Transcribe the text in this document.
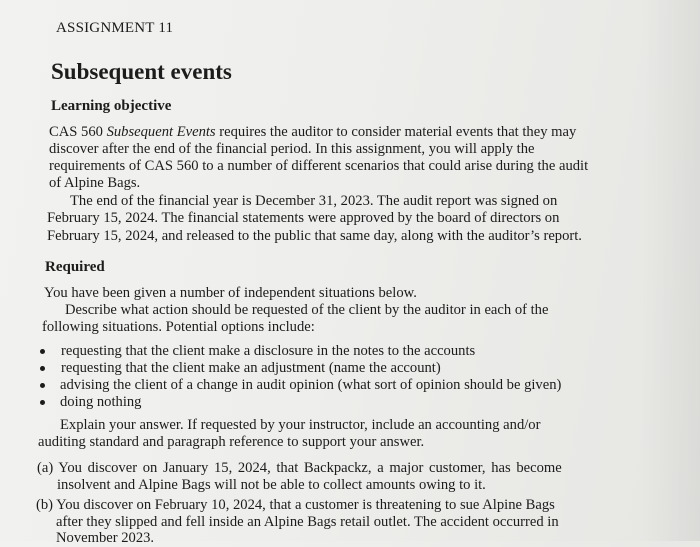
ASSIGNMENT 11

Subsequent events

Learning objective

CAS 560 Subsequent Events requires the auditor to consider material events that they may

discover after the end of the financial period. In this assignment, you will apply the

requirements of CAS 560 to a number of different scenarios that could arise during the audit

of Alpine Bags.

The end of the financial year is December 31, 2023. The audit report was signed on

February 15, 2024. The financial statements were approved by the board of directors on

February 15, 2024, and released to the public that same day, along with the auditor’s report.

Required

You have been given a number of independent situations below.

Describe what action should be requested of the client by the auditor in each of the

following situations. Potential options include:

requesting that the client make a disclosure in the notes to the accounts

requesting that the client make an adjustment (name the account)

advising the client of a change in audit opinion (what sort of opinion should be given)

doing nothing

Explain your answer. If requested by your instructor, include an accounting and/or

auditing standard and paragraph reference to support your answer.

(a) You discover on January 15, 2024, that Backpackz, a major customer, has become

insolvent and Alpine Bags will not be able to collect amounts owing to it.

(b) You discover on February 10, 2024, that a customer is threatening to sue Alpine Bags

after they slipped and fell inside an Alpine Bags retail outlet. The accident occurred in

November 2023.
